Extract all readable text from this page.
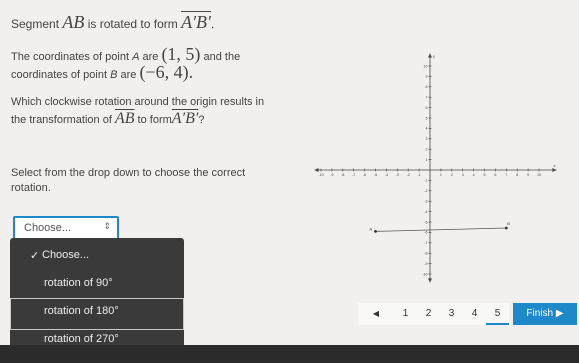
Segment AB is rotated to form A′B′.
The coordinates of point A are (1, 5) and the
coordinates of point B are (−6, 4).
Which clockwise rotation around the origin results in
the transformation of $\overline{AB}$ to formA′B′?
Select from the drop down to choose the correct
rotation.
Choose...	⇕
✓ Choose...
rotation of 90°
rotation of 180°
rotation of 270°
y
x
-10 -9 -8 -7 -6 -5 -4 -3 -2 -1	1 2 3 4 5 6 7 8 9 10
10
9
8
7
6
5
4
3
2
1
-1
-2
-3
-4
-5
-6
-7
-8
-9
-10
A
B
◀	1	2	3	4	5	Finish ▶
